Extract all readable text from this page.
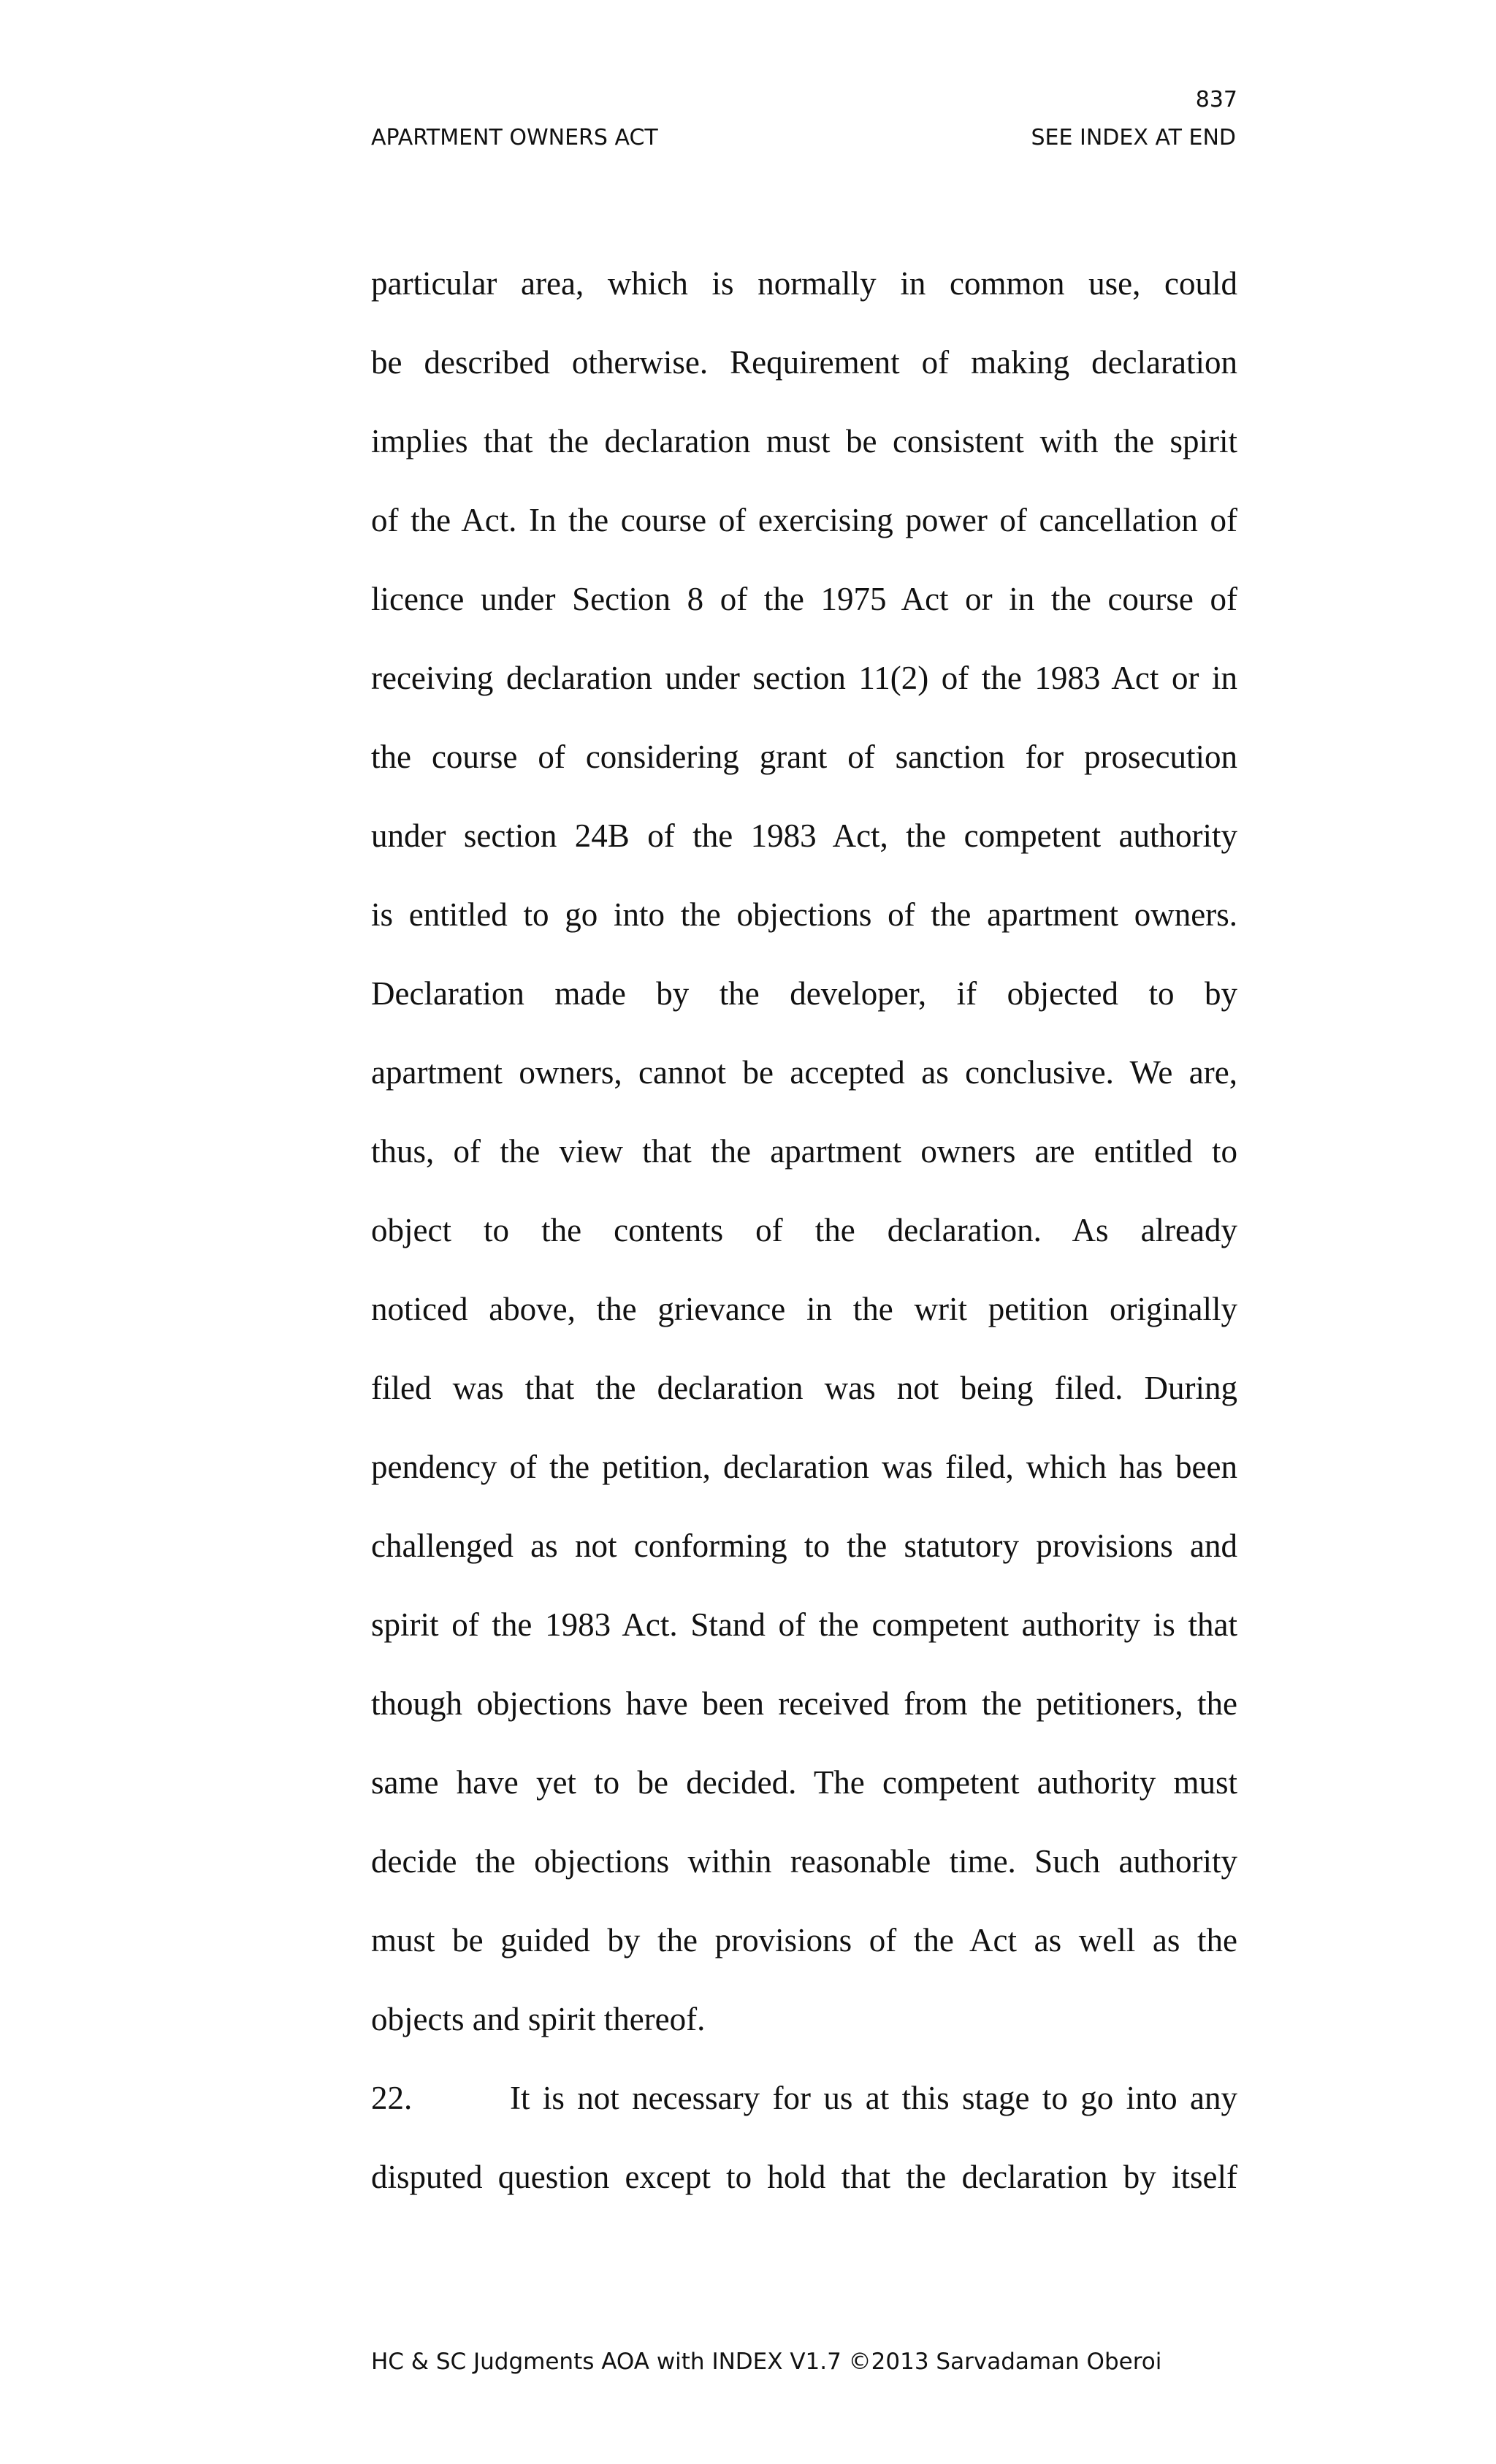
837
APARTMENT OWNERS ACT	SEE INDEX AT END
particular area, which is normally in common use, could
be described otherwise. Requirement of making declaration
implies that the declaration must be consistent with the spirit
of the Act. In the course of exercising power of cancellation of
licence under Section 8 of the 1975 Act or in the course of
receiving declaration under section 11(2) of the 1983 Act or in
the course of considering grant of sanction for prosecution
under section 24B of the 1983 Act, the competent authority
is entitled to go into the objections of the apartment owners.
Declaration made by the developer, if objected to by
apartment owners, cannot be accepted as conclusive. We are,
thus, of the view that the apartment owners are entitled to
object to the contents of the declaration. As already
noticed above, the grievance in the writ petition originally
filed was that the declaration was not being filed. During
pendency of the petition, declaration was filed, which has been
challenged as not conforming to the statutory provisions and
spirit of the 1983 Act. Stand of the competent authority is that
though objections have been received from the petitioners, the
same have yet to be decided. The competent authority must
decide the objections within reasonable time. Such authority
must be guided by the provisions of the Act as well as the
objects and spirit thereof.
22.	It is not necessary for us at this stage to go into any
disputed question except to hold that the declaration by itself
HC & SC Judgments AOA with INDEX V1.7 ©2013 Sarvadaman Oberoi
